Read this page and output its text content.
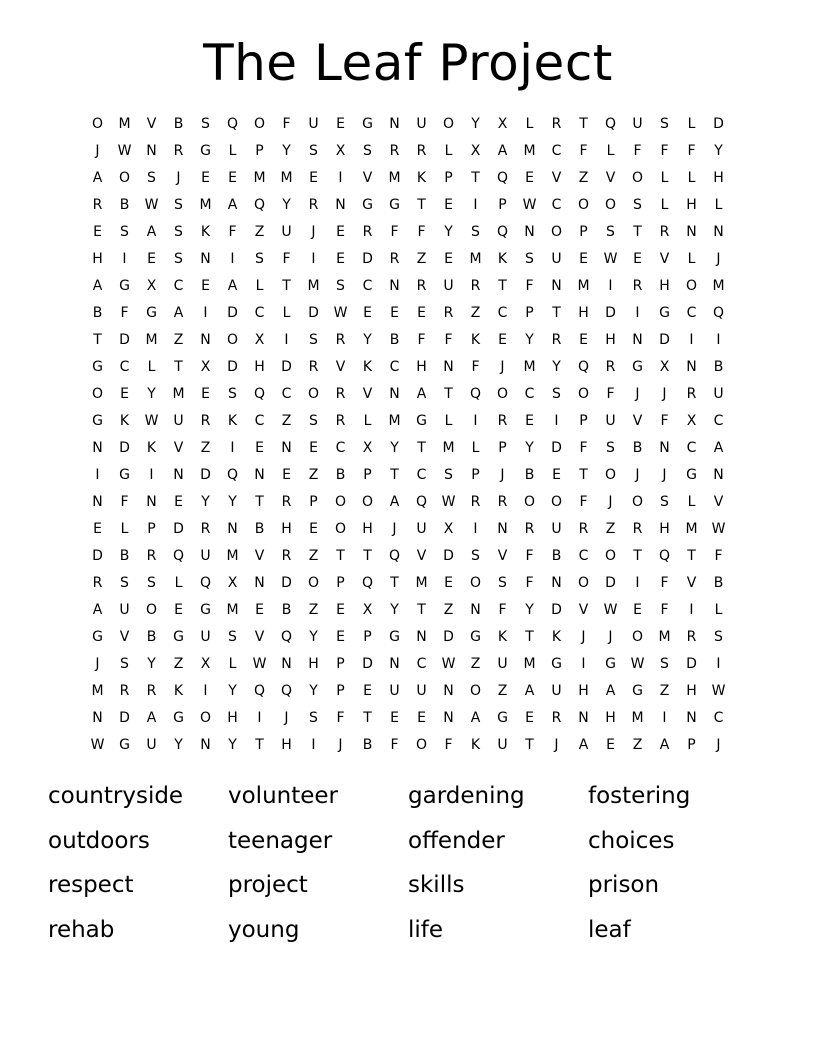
The Leaf Project
O	M	V	B	S	Q	O	F	U	E	G	N	U	O	Y	X	L	R	T	Q	U	S	L	D
J	W	N	R	G	L	P	Y	S	X	S	R	R	L	X	A	M	C	F	L	F	F	F	Y
A	O	S	J	E	E	M	M	E	I	V	M	K	P	T	Q	E	V	Z	V	O	L	L	H
R	B	W	S	M	A	Q	Y	R	N	G	G	T	E	I	P	W	C	O	O	S	L	H	L
E	S	A	S	K	F	Z	U	J	E	R	F	F	Y	S	Q	N	O	P	S	T	R	N	N
H	I	E	S	N	I	S	F	I	E	D	R	Z	E	M	K	S	U	E	W	E	V	L	J
A	G	X	C	E	A	L	T	M	S	C	N	R	U	R	T	F	N	M	I	R	H	O	M
B	F	G	A	I	D	C	L	D	W	E	E	E	R	Z	C	P	T	H	D	I	G	C	Q
T	D	M	Z	N	O	X	I	S	R	Y	B	F	F	K	E	Y	R	E	H	N	D	I	I
G	C	L	T	X	D	H	D	R	V	K	C	H	N	F	J	M	Y	Q	R	G	X	N	B
O	E	Y	M	E	S	Q	C	O	R	V	N	A	T	Q	O	C	S	O	F	J	J	R	U
G	K	W	U	R	K	C	Z	S	R	L	M	G	L	I	R	E	I	P	U	V	F	X	C
N	D	K	V	Z	I	E	N	E	C	X	Y	T	M	L	P	Y	D	F	S	B	N	C	A
I	G	I	N	D	Q	N	E	Z	B	P	T	C	S	P	J	B	E	T	O	J	J	G	N
N	F	N	E	Y	Y	T	R	P	O	O	A	Q	W	R	R	O	O	F	J	O	S	L	V
E	L	P	D	R	N	B	H	E	O	H	J	U	X	I	N	R	U	R	Z	R	H	M	W
D	B	R	Q	U	M	V	R	Z	T	T	Q	V	D	S	V	F	B	C	O	T	Q	T	F
R	S	S	L	Q	X	N	D	O	P	Q	T	M	E	O	S	F	N	O	D	I	F	V	B
A	U	O	E	G	M	E	B	Z	E	X	Y	T	Z	N	F	Y	D	V	W	E	F	I	L
G	V	B	G	U	S	V	Q	Y	E	P	G	N	D	G	K	T	K	J	J	O	M	R	S
J	S	Y	Z	X	L	W	N	H	P	D	N	C	W	Z	U	M	G	I	G	W	S	D	I
M	R	R	K	I	Y	Q	Q	Y	P	E	U	U	N	O	Z	A	U	H	A	G	Z	H	W
N	D	A	G	O	H	I	J	S	F	T	E	E	N	A	G	E	R	N	H	M	I	N	C
W	G	U	Y	N	Y	T	H	I	J	B	F	O	F	K	U	T	J	A	E	Z	A	P	J
countryside	volunteer	gardening	fostering
outdoors	teenager	offender	choices
respect	project	skills	prison
rehab	young	life	leaf
